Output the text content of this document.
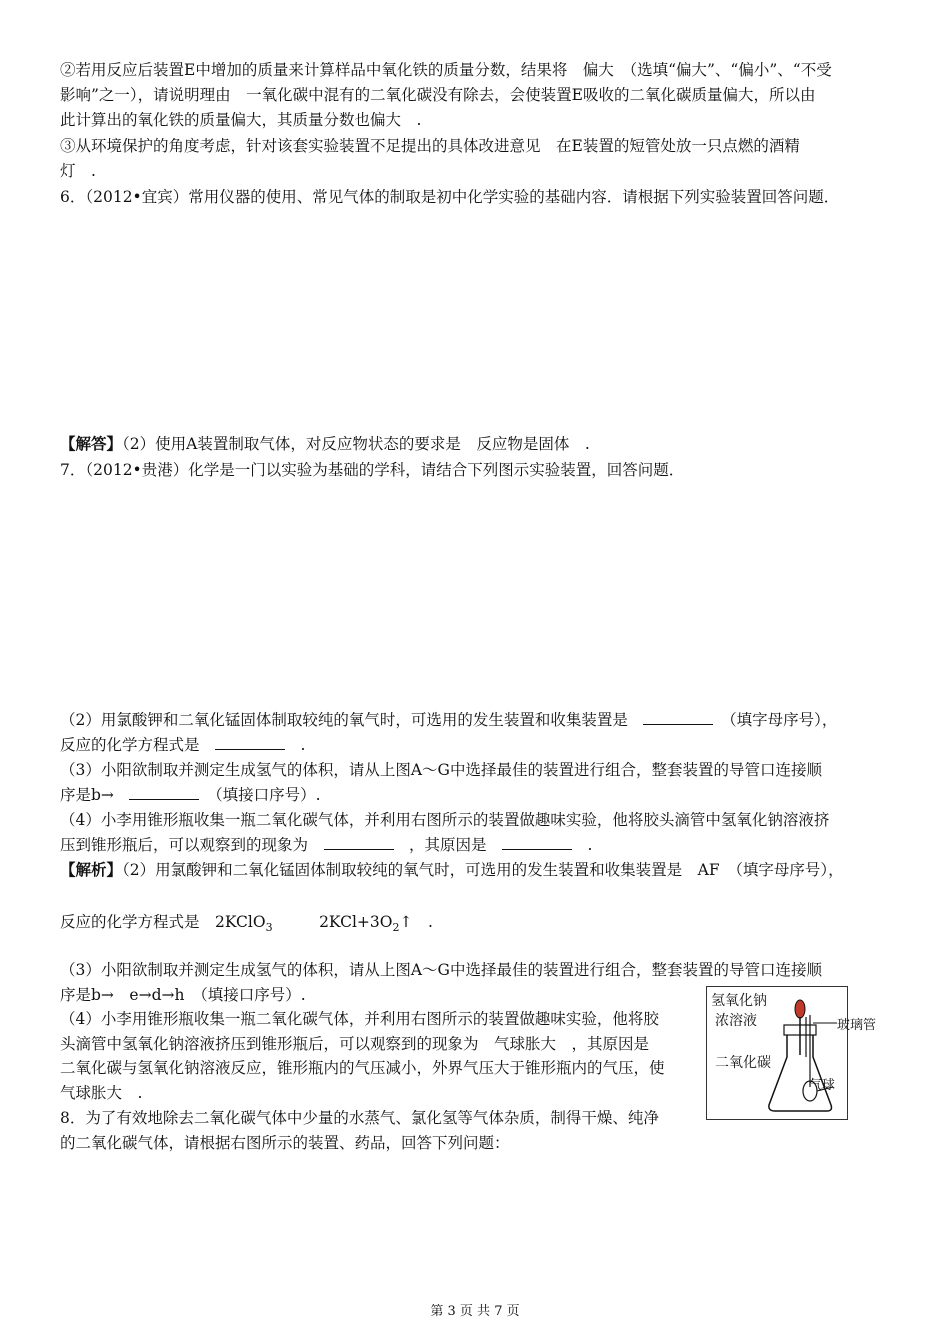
②若用反应后装置E中增加的质量来计算样品中氧化铁的质量分数，结果将　偏大　（选填“偏大”、“偏小”、“不受
影响”之一），请说明理由　一氧化碳中混有的二氧化碳没有除去，会使装置E吸收的二氧化碳质量偏大，所以由
此计算出的氧化铁的质量偏大，其质量分数也偏大　.
③从环境保护的角度考虑，针对该套实验装置不足提出的具体改进意见　在E装置的短管处放一只点燃的酒精
灯　.
6．（2012•宜宾）常用仪器的使用、常见气体的制取是初中化学实验的基础内容．请根据下列实验装置回答问题．
【解答】（2）使用A装置制取气体，对反应物状态的要求是　反应物是固体　.
7．（2012•贵港）化学是一门以实验为基础的学科，请结合下列图示实验装置，回答问题．
（2）用氯酸钾和二氧化锰固体制取较纯的氧气时，可选用的发生装置和收集装置是　	　（填字母序号），
反应的化学方程式是　	　.
（3）小阳欲制取并测定生成氢气的体积，请从上图A～G中选择最佳的装置进行组合，整套装置的导管口连接顺
序是b→　	　（填接口序号）.
（4）小李用锥形瓶收集一瓶二氧化碳气体，并利用右图所示的装置做趣味实验，他将胶头滴管中氢氧化钠溶液挤
压到锥形瓶后，可以观察到的现象为　	　，其原因是　	　.
【解析】（2）用氯酸钾和二氧化锰固体制取较纯的氧气时，可选用的发生装置和收集装置是　AF　（填字母序号），
反应的化学方程式是　2KClO$_3$　　　$2KCl+3O_2↑$　.
（3）小阳欲制取并测定生成氢气的体积，请从上图A～G中选择最佳的装置进行组合，整套装置的导管口连接顺
序是b→　e→d→h　（填接口序号）.
（4）小李用锥形瓶收集一瓶二氧化碳气体，并利用右图所示的装置做趣味实验，他将胶
头滴管中氢氧化钠溶液挤压到锥形瓶后，可以观察到的现象为　气球胀大　，其原因是
二氧化碳与氢氧化钠溶液反应，锥形瓶内的气压减小，外界气压大于锥形瓶内的气压，使
气球胀大　.
8．为了有效地除去二氧化碳气体中少量的水蒸气、氯化氢等气体杂质，制得干燥、纯净
的二氧化碳气体，请根据右图所示的装置、药品，回答下列问题：
氢氧化钠
浓溶液	玻璃管
二氧化碳
气球
第 3 页 共 7 页
